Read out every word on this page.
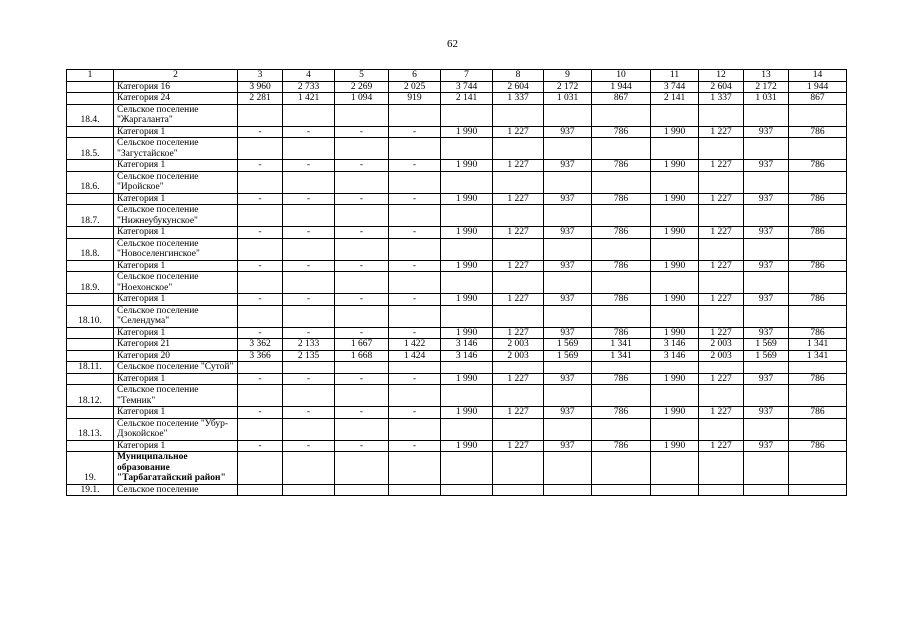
62
1	2	3	4	5	6	7	8	9	10	11	12	13	14
	Категория 16	3 960	2 733	2 269	2 025	3 744	2 604	2 172	1 944	3 744	2 604	2 172	1 944
	Категория 24	2 281	1 421	1 094	919	2 141	1 337	1 031	867	2 141	1 337	1 031	867
18.4.	Сельское поселение "Жаргаланта"												
	Категория 1	-	-	-	-	1 990	1 227	937	786	1 990	1 227	937	786
18.5.	Сельское поселение "Загустайское"												
	Категория 1	-	-	-	-	1 990	1 227	937	786	1 990	1 227	937	786
18.6.	Сельское поселение "Иройское"												
	Категория 1	-	-	-	-	1 990	1 227	937	786	1 990	1 227	937	786
18.7.	Сельское поселение "Нижнеубукунское"												
	Категория 1	-	-	-	-	1 990	1 227	937	786	1 990	1 227	937	786
18.8.	Сельское поселение "Новоселенгинское"												
	Категория 1	-	-	-	-	1 990	1 227	937	786	1 990	1 227	937	786
18.9.	Сельское поселение "Ноехонское"												
	Категория 1	-	-	-	-	1 990	1 227	937	786	1 990	1 227	937	786
18.10.	Сельское поселение "Селендума"												
	Категория 1	-	-	-	-	1 990	1 227	937	786	1 990	1 227	937	786
	Категория 21	3 362	2 133	1 667	1 422	3 146	2 003	1 569	1 341	3 146	2 003	1 569	1 341
	Категория 20	3 366	2 135	1 668	1 424	3 146	2 003	1 569	1 341	3 146	2 003	1 569	1 341
18.11.	Сельское поселение "Сутой"												
	Категория 1	-	-	-	-	1 990	1 227	937	786	1 990	1 227	937	786
18.12.	Сельское поселение "Темник"												
	Категория 1	-	-	-	-	1 990	1 227	937	786	1 990	1 227	937	786
18.13.	Сельское поселение "Убур-Дзокойское"												
	Категория 1	-	-	-	-	1 990	1 227	937	786	1 990	1 227	937	786
19.	Муниципальное образование "Тарбагатайский район"												
19.1.	Сельское поселение												
